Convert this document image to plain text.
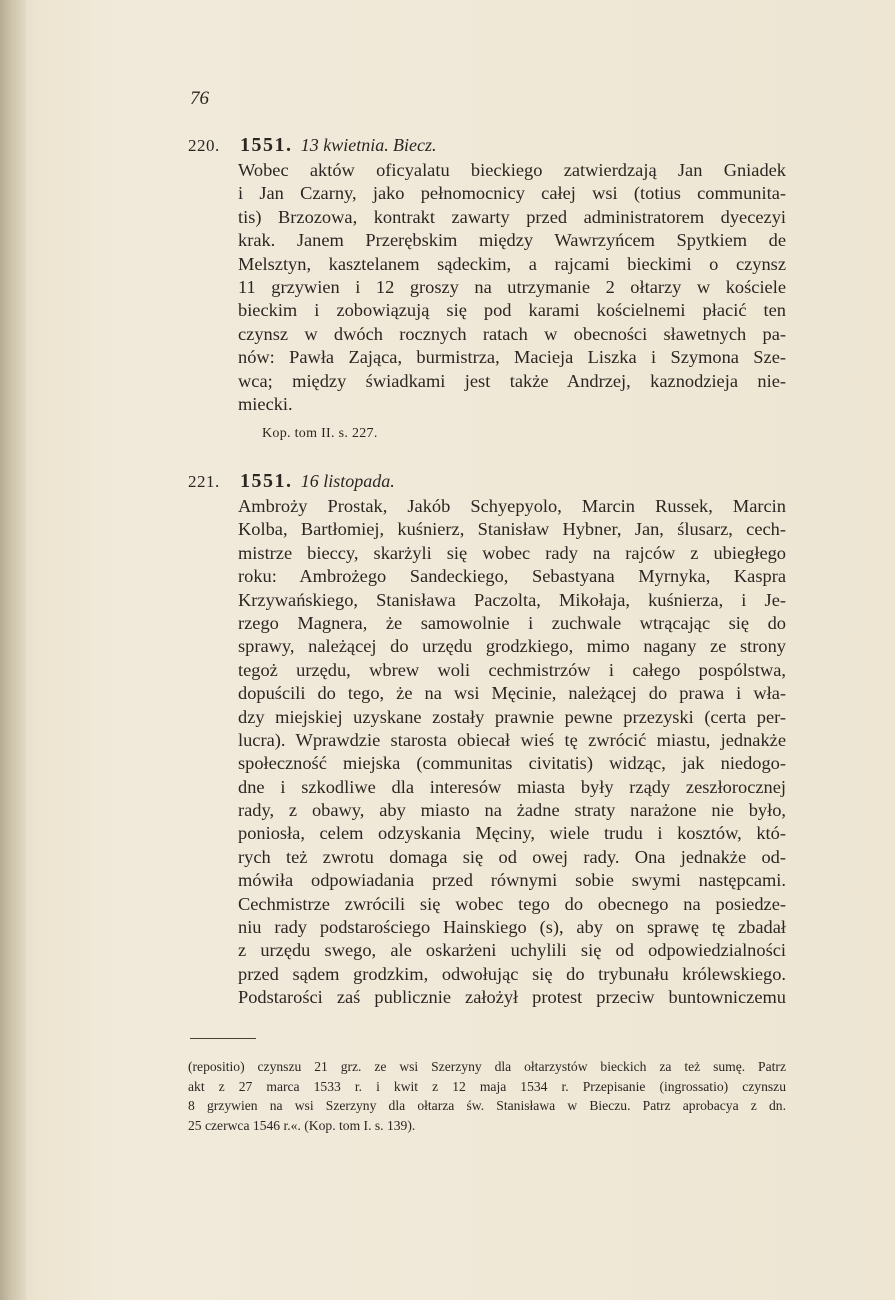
76
220. 1551. 13 kwietnia. Biecz.
Wobec aktów oficyalatu bieckiego zatwierdzają Jan Gniadek
i Jan Czarny, jako pełnomocnicy całej wsi (totius communita-
tis) Brzozowa, kontrakt zawarty przed administratorem dyecezyi
krak. Janem Przerębskim między Wawrzyńcem Spytkiem de
Melsztyn, kasztelanem sądeckim, a rajcami bieckimi o czynsz
11 grzywien i 12 groszy na utrzymanie 2 ołtarzy w kościele
bieckim i zobowiązują się pod karami kościelnemi płacić ten
czynsz w dwóch rocznych ratach w obecności sławetnych pa-
nów: Pawła Zająca, burmistrza, Macieja Liszka i Szymona Sze-
wca; między świadkami jest także Andrzej, kaznodzieja nie-
miecki.
Kop. tom II. s. 227.
221. 1551. 16 listopada.
Ambroży Prostak, Jakób Schyepyolo, Marcin Russek, Marcin
Kolba, Bartłomiej, kuśnierz, Stanisław Hybner, Jan, ślusarz, cech-
mistrze bieccy, skarżyli się wobec rady na rajców z ubiegłego
roku: Ambrożego Sandeckiego, Sebastyana Myrnyka, Kaspra
Krzywańskiego, Stanisława Paczolta, Mikołaja, kuśnierza, i Je-
rzego Magnera, że samowolnie i zuchwale wtrącając się do
sprawy, należącej do urzędu grodzkiego, mimo nagany ze strony
tegoż urzędu, wbrew woli cechmistrzów i całego pospólstwa,
dopuścili do tego, że na wsi Męcinie, należącej do prawa i wła-
dzy miejskiej uzyskane zostały prawnie pewne przezyski (certa per-
lucra). Wprawdzie starosta obiecał wieś tę zwrócić miastu, jednakże
społeczność miejska (communitas civitatis) widząc, jak niedogo-
dne i szkodliwe dla interesów miasta były rządy zeszłorocznej
rady, z obawy, aby miasto na żadne straty narażone nie było,
poniosła, celem odzyskania Męciny, wiele trudu i kosztów, któ-
rych też zwrotu domaga się od owej rady. Ona jednakże od-
mówiła odpowiadania przed równymi sobie swymi następcami.
Cechmistrze zwrócili się wobec tego do obecnego na posiedze-
niu rady podstarościego Hainskiego (s), aby on sprawę tę zbadał
z urzędu swego, ale oskarżeni uchylili się od odpowiedzialności
przed sądem grodzkim, odwołując się do trybunału królewskiego.
Podstarości zaś publicznie założył protest przeciw buntowniczemu
(repositio) czynszu 21 grz. ze wsi Szerzyny dla ołtarzystów bieckich za też sumę. Patrz
akt z 27 marca 1533 r. i kwit z 12 maja 1534 r. Przepisanie (ingrossatio) czynszu
8 grzywien na wsi Szerzyny dla ołtarza św. Stanisława w Bieczu. Patrz aprobacya z dn.
25 czerwca 1546 r.«. (Kop. tom I. s. 139).
